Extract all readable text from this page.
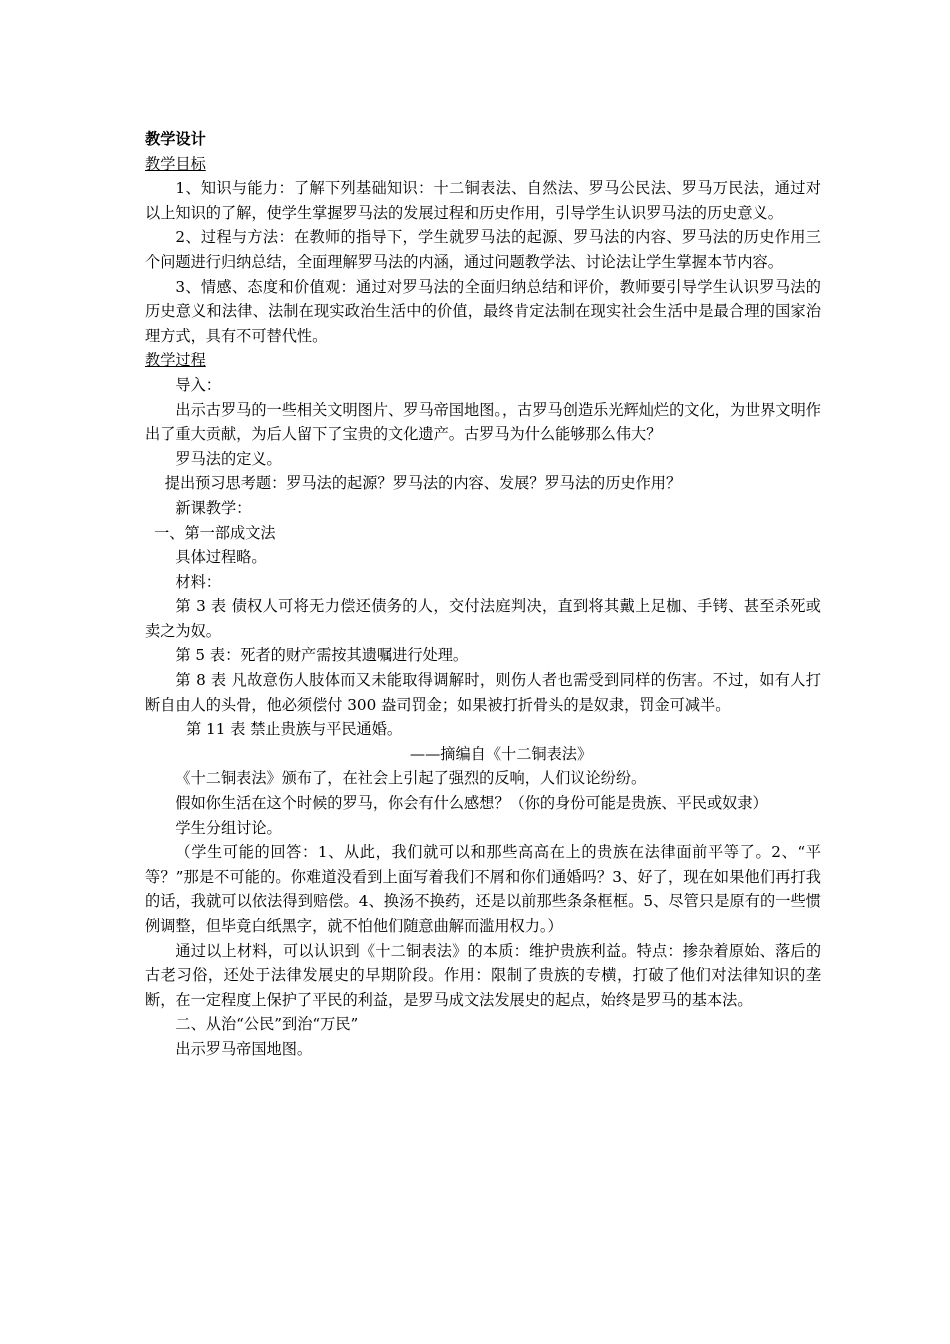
教学设计

教学目标

1、知识与能力：了解下列基础知识：十二铜表法、自然法、罗马公民法、罗马万民法，通过对以上知识的了解，使学生掌握罗马法的发展过程和历史作用，引导学生认识罗马法的历史意义。

2、过程与方法：在教师的指导下，学生就罗马法的起源、罗马法的内容、罗马法的历史作用三个问题进行归纳总结，全面理解罗马法的内涵，通过问题教学法、讨论法让学生掌握本节内容。

3、情感、态度和价值观：通过对罗马法的全面归纳总结和评价，教师要引导学生认识罗马法的历史意义和法律、法制在现实政治生活中的价值，最终肯定法制在现实社会生活中是最合理的国家治理方式，具有不可替代性。

教学过程

导入：

出示古罗马的一些相关文明图片、罗马帝国地图。，古罗马创造乐光辉灿烂的文化，为世界文明作出了重大贡献，为后人留下了宝贵的文化遗产。古罗马为什么能够那么伟大？

罗马法的定义。

提出预习思考题：罗马法的起源？罗马法的内容、发展？罗马法的历史作用？

新课教学：

一、第一部成文法

具体过程略。

材料：

第 3 表 债权人可将无力偿还债务的人，交付法庭判决，直到将其戴上足枷、手铐、甚至杀死或卖之为奴。

第 5 表：死者的财产需按其遗嘱进行处理。

第 8 表 凡故意伤人肢体而又未能取得调解时，则伤人者也需受到同样的伤害。不过，如有人打断自由人的头骨，他必须偿付 300 盎司罚金；如果被打折骨头的是奴隶，罚金可减半。

第 11 表 禁止贵族与平民通婚。

——摘编自《十二铜表法》

《十二铜表法》颁布了，在社会上引起了强烈的反响，人们议论纷纷。

假如你生活在这个时候的罗马，你会有什么感想？（你的身份可能是贵族、平民或奴隶）

学生分组讨论。

（学生可能的回答：1、从此，我们就可以和那些高高在上的贵族在法律面前平等了。2、“平等？”那是不可能的。你难道没看到上面写着我们不屑和你们通婚吗？3、好了，现在如果他们再打我的话，我就可以依法得到赔偿。4、换汤不换药，还是以前那些条条框框。5、尽管只是原有的一些惯例调整，但毕竟白纸黑字，就不怕他们随意曲解而滥用权力。）

通过以上材料，可以认识到《十二铜表法》的本质：维护贵族利益。特点：掺杂着原始、落后的古老习俗，还处于法律发展史的早期阶段。作用：限制了贵族的专横，打破了他们对法律知识的垄断，在一定程度上保护了平民的利益，是罗马成文法发展史的起点，始终是罗马的基本法。

二、从治“公民”到治“万民”

出示罗马帝国地图。
